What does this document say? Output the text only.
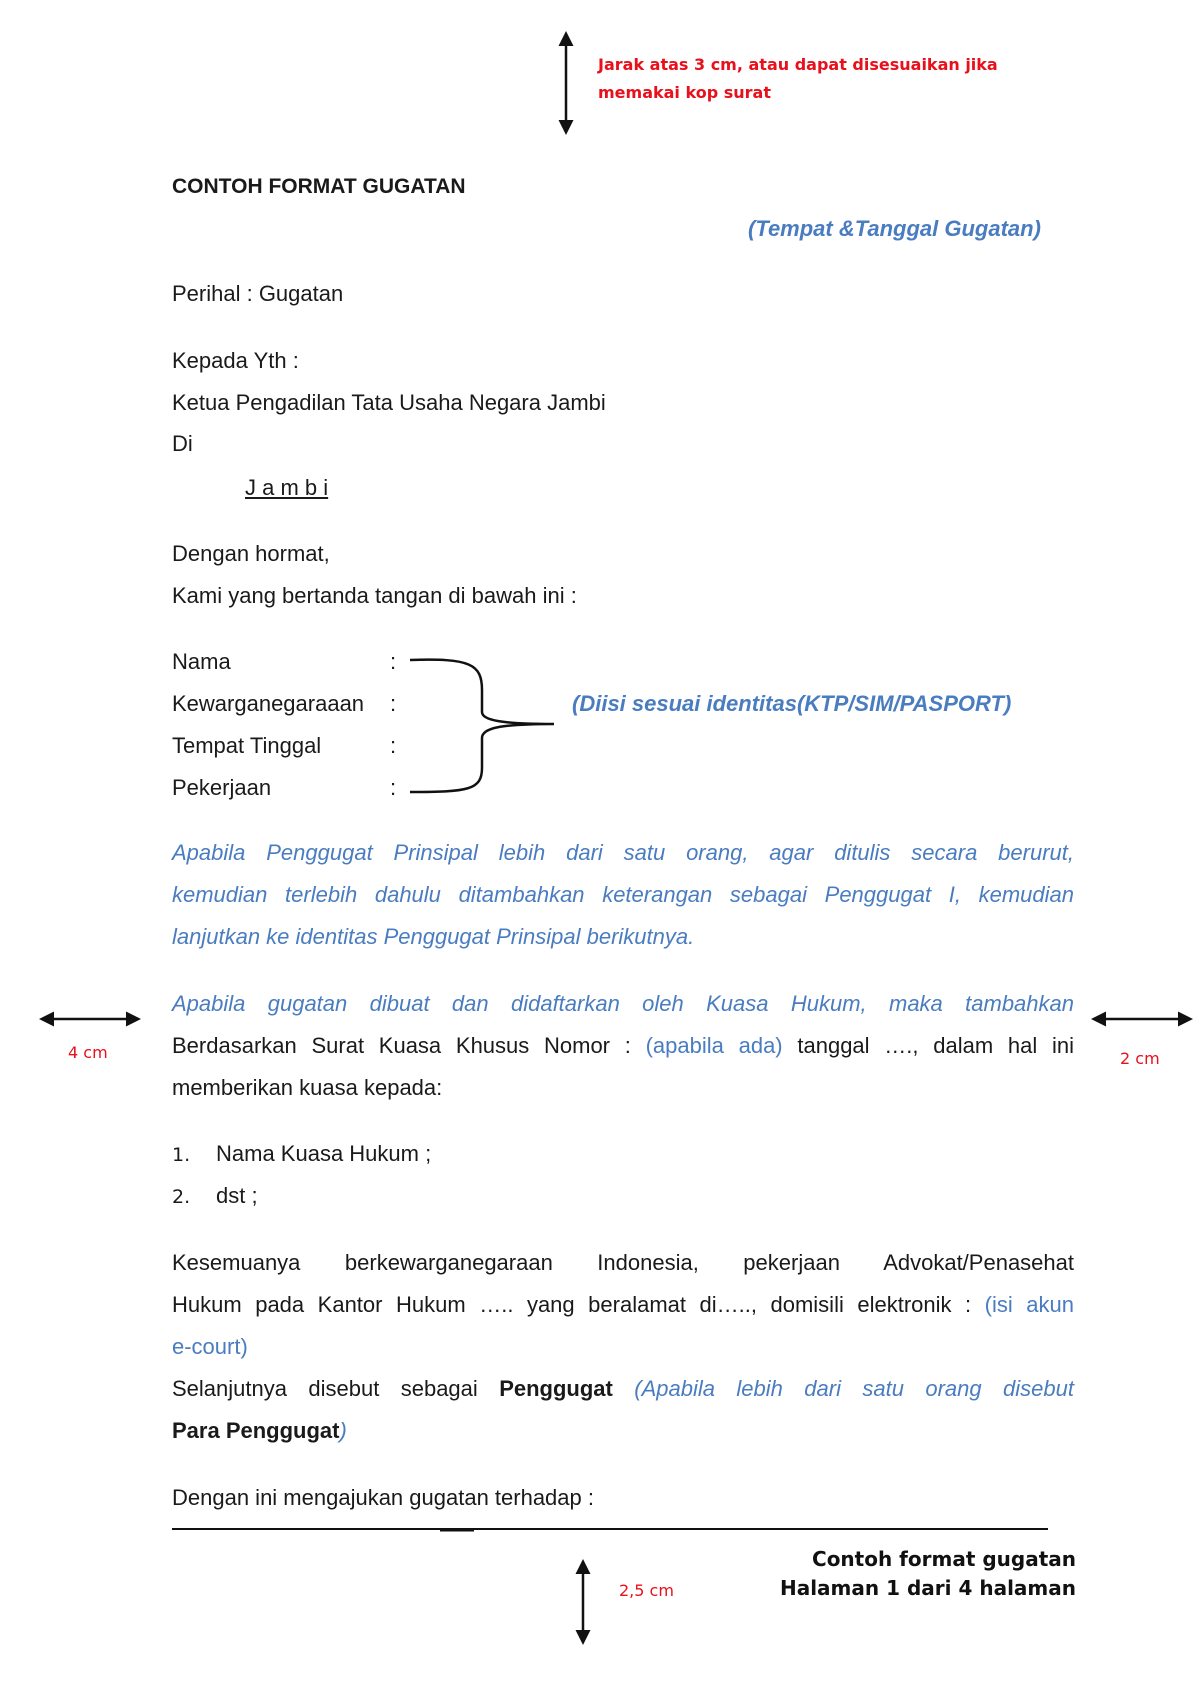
Jarak atas 3 cm, atau dapat disesuaikan jika
memakai kop surat
4 cm	2 cm
2,5 cm
CONTOH FORMAT GUGATAN
(Tempat &Tanggal Gugatan)
Perihal : Gugatan
Kepada Yth :
Ketua Pengadilan Tata Usaha Negara Jambi
Di
J a m b i
Dengan hormat,
Kami yang bertanda tangan di bawah ini :
Nama	:
Kewarganegaraaan :
Tempat Tinggal	:
Pekerjaan	:
(Diisi sesuai identitas(KTP/SIM/PASPORT)
Apabila Penggugat Prinsipal lebih dari satu orang, agar ditulis secara berurut,
kemudian terlebih dahulu ditambahkan keterangan sebagai Penggugat I, kemudian
lanjutkan ke identitas Penggugat Prinsipal berikutnya.
Apabila gugatan dibuat dan didaftarkan oleh Kuasa Hukum, maka tambahkan
Berdasarkan Surat Kuasa Khusus Nomor : (apabila ada) tanggal …., dalam hal ini
memberikan kuasa kepada:
1. Nama Kuasa Hukum ;
2. dst ;
Kesemuanya berkewarganegaraan Indonesia, pekerjaan Advokat/Penasehat
Hukum pada Kantor Hukum ….. yang beralamat di….., domisili elektronik : (isi akun
e-court)
Selanjutnya disebut sebagai Penggugat (Apabila lebih dari satu orang disebut
Para Penggugat)
Dengan ini mengajukan gugatan terhadap :
Contoh format gugatan
Halaman 1 dari 4 halaman
